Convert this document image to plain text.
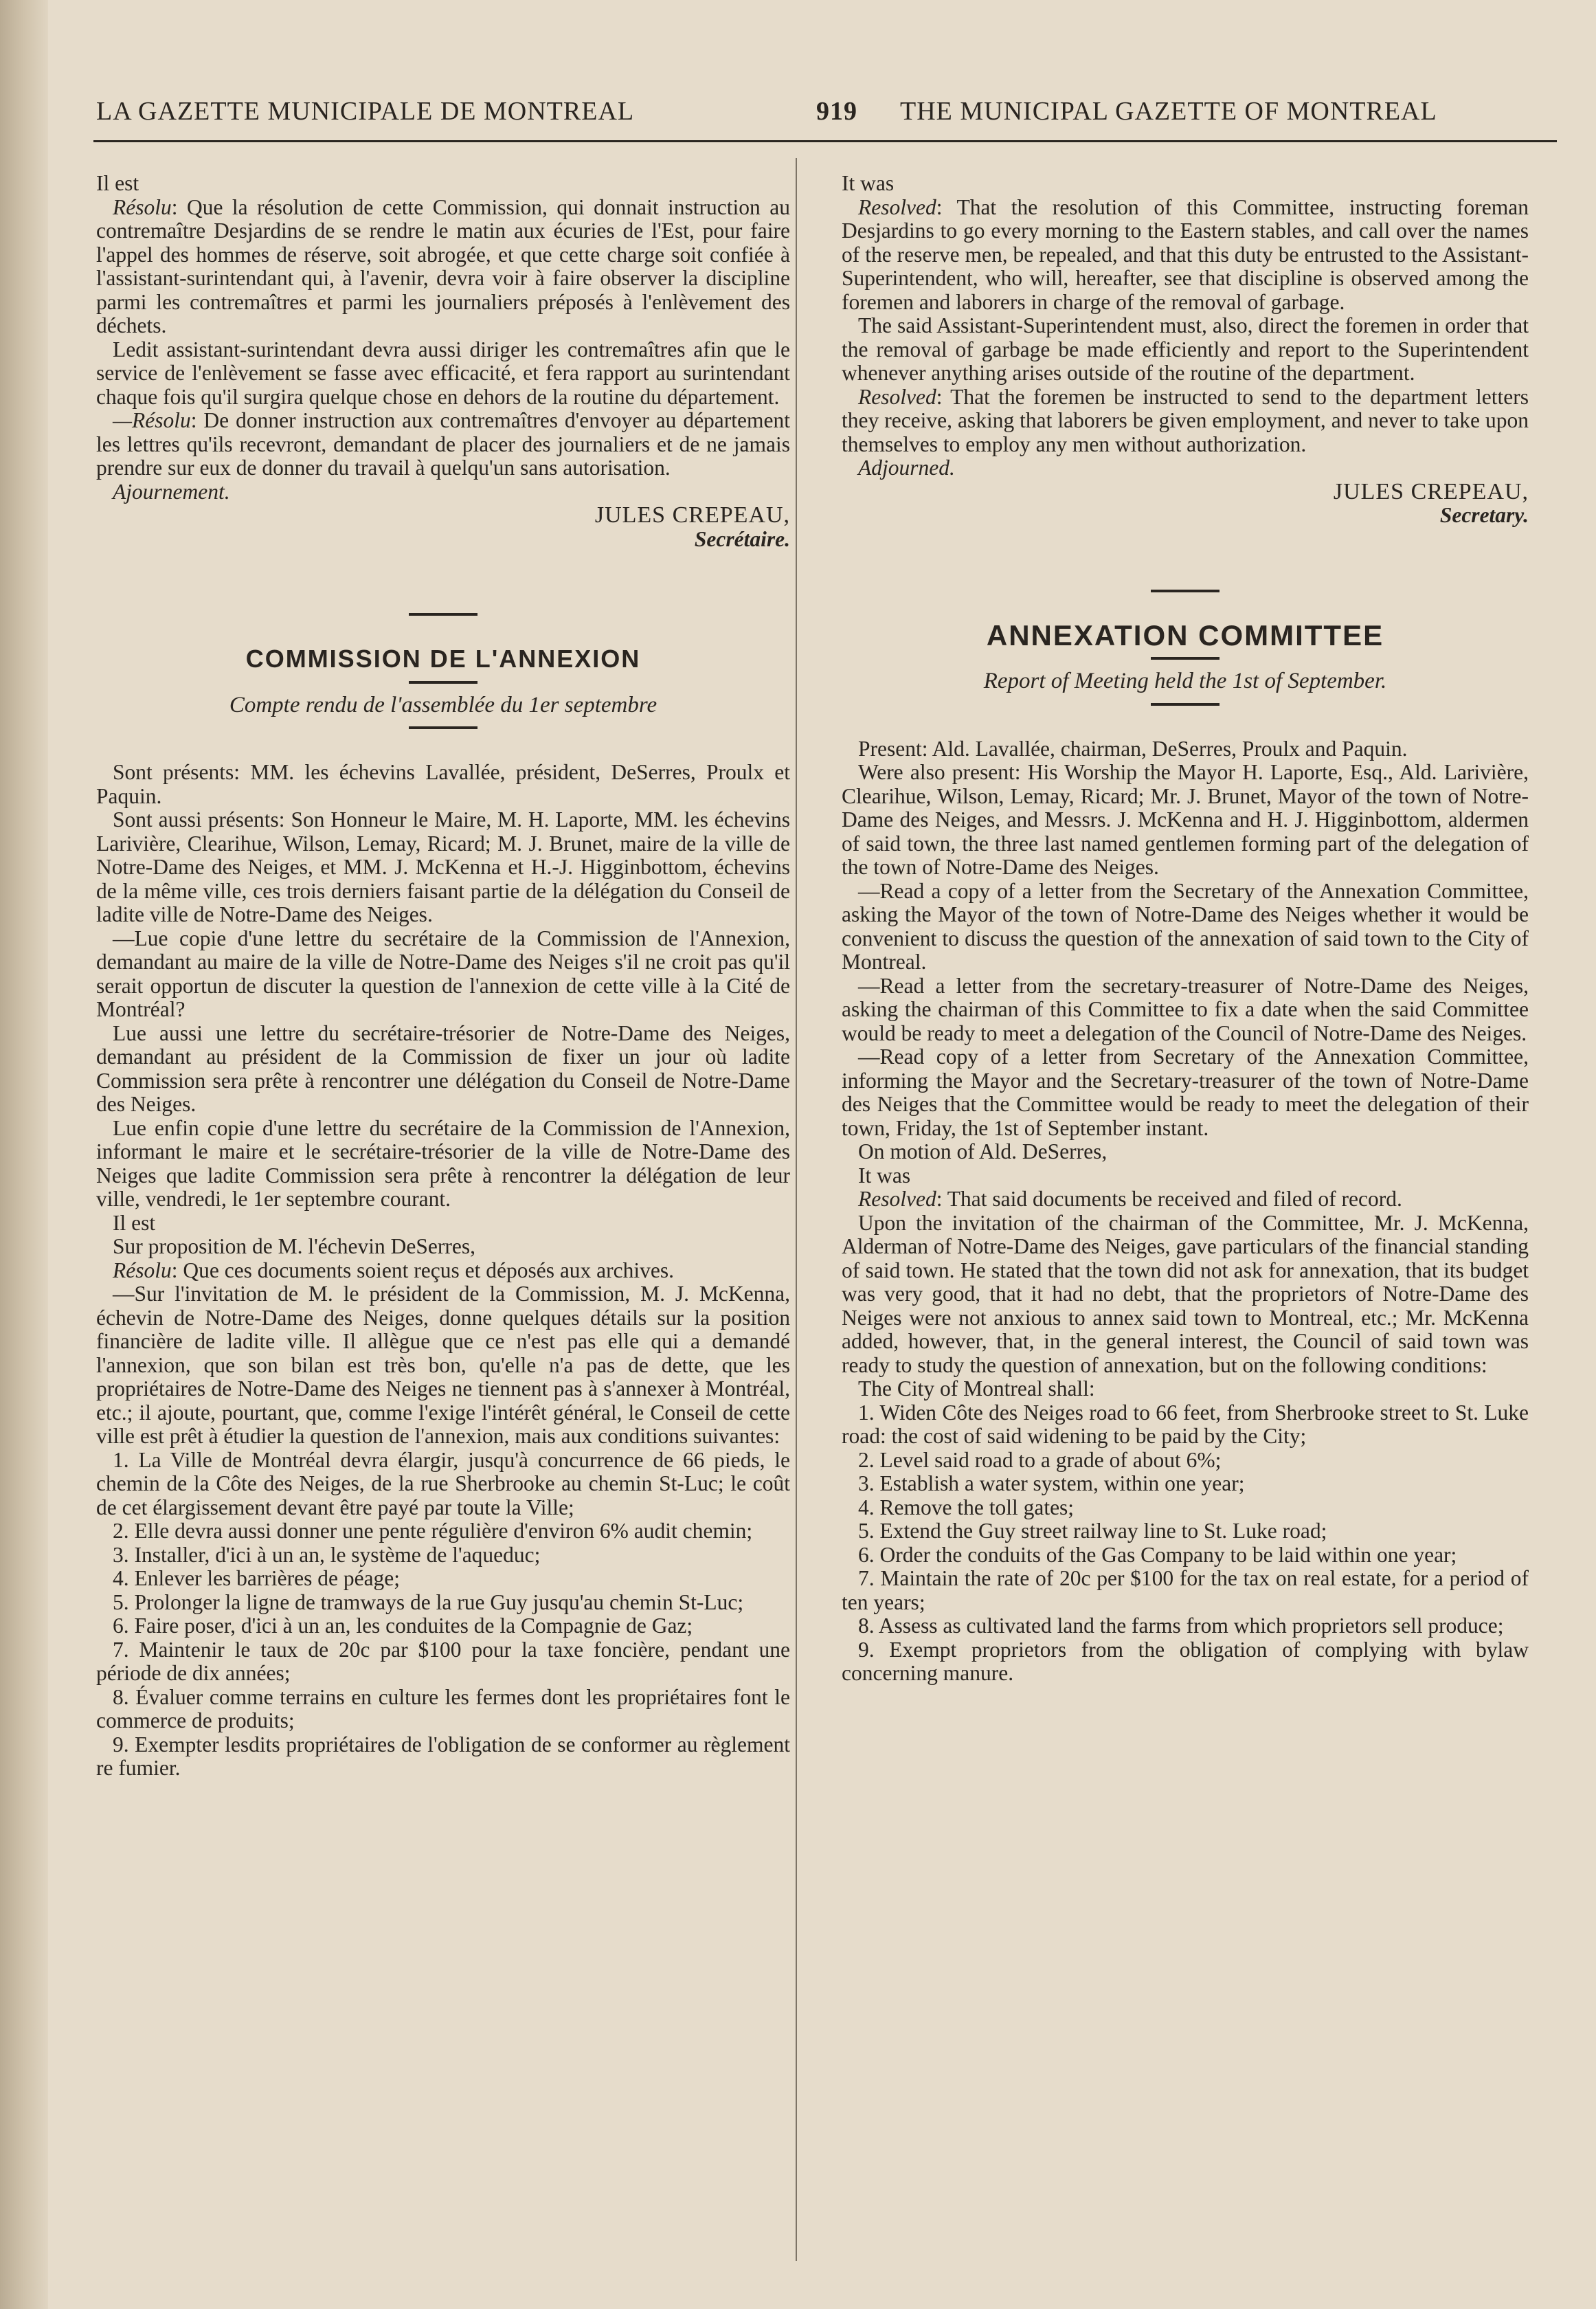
LA GAZETTE MUNICIPALE DE MONTREAL	919	THE MUNICIPAL GAZETTE OF MONTREAL

Il est

Résolu: Que la résolution de cette Commission, qui donnait instruction au contremaître Desjardins de se rendre le matin aux écuries de l'Est, pour faire l'appel des hommes de réserve, soit abrogée, et que cette charge soit confiée à l'assistant-surintendant qui, à l'avenir, devra voir à faire observer la discipline parmi les contremaîtres et parmi les journaliers préposés à l'enlèvement des déchets.

Ledit assistant-surintendant devra aussi diriger les contremaîtres afin que le service de l'enlèvement se fasse avec efficacité, et fera rapport au surintendant chaque fois qu'il surgira quelque chose en dehors de la routine du département.

—Résolu: De donner instruction aux contremaîtres d'envoyer au département les lettres qu'ils recevront, demandant de placer des journaliers et de ne jamais prendre sur eux de donner du travail à quelqu'un sans autorisation.

Ajournement.

JULES CREPEAU,

Secrétaire.

COMMISSION DE L'ANNEXION

Compte rendu de l'assemblée du 1er septembre

Sont présents: MM. les échevins Lavallée, président, DeSerres, Proulx et Paquin.

Sont aussi présents: Son Honneur le Maire, M. H. Laporte, MM. les échevins Larivière, Clearihue, Wilson, Lemay, Ricard; M. J. Brunet, maire de la ville de Notre-Dame des Neiges, et MM. J. McKenna et H.-J. Higginbottom, échevins de la même ville, ces trois derniers faisant partie de la délégation du Conseil de ladite ville de Notre-Dame des Neiges.

—Lue copie d'une lettre du secrétaire de la Commission de l'Annexion, demandant au maire de la ville de Notre-Dame des Neiges s'il ne croit pas qu'il serait opportun de discuter la question de l'annexion de cette ville à la Cité de Montréal?

Lue aussi une lettre du secrétaire-trésorier de Notre-Dame des Neiges, demandant au président de la Commission de fixer un jour où ladite Commission sera prête à rencontrer une délégation du Conseil de Notre-Dame des Neiges.

Lue enfin copie d'une lettre du secrétaire de la Commission de l'Annexion, informant le maire et le secrétaire-trésorier de la ville de Notre-Dame des Neiges que ladite Commission sera prête à rencontrer la délégation de leur ville, vendredi, le 1er septembre courant.

Il est

Sur proposition de M. l'échevin DeSerres,

Résolu: Que ces documents soient reçus et déposés aux archives.

—Sur l'invitation de M. le président de la Commission, M. J. McKenna, échevin de Notre-Dame des Neiges, donne quelques détails sur la position financière de ladite ville. Il allègue que ce n'est pas elle qui a demandé l'annexion, que son bilan est très bon, qu'elle n'a pas de dette, que les propriétaires de Notre-Dame des Neiges ne tiennent pas à s'annexer à Montréal, etc.; il ajoute, pourtant, que, comme l'exige l'intérêt général, le Conseil de cette ville est prêt à étudier la question de l'annexion, mais aux conditions suivantes:

1. La Ville de Montréal devra élargir, jusqu'à concurrence de 66 pieds, le chemin de la Côte des Neiges, de la rue Sherbrooke au chemin St-Luc; le coût de cet élargissement devant être payé par toute la Ville;

2. Elle devra aussi donner une pente régulière d'environ 6% audit chemin;

3. Installer, d'ici à un an, le système de l'aqueduc;

4. Enlever les barrières de péage;

5. Prolonger la ligne de tramways de la rue Guy jusqu'au chemin St-Luc;

6. Faire poser, d'ici à un an, les conduites de la Compagnie de Gaz;

7. Maintenir le taux de 20c par $100 pour la taxe foncière, pendant une période de dix années;

8. Évaluer comme terrains en culture les fermes dont les propriétaires font le commerce de produits;

9. Exempter lesdits propriétaires de l'obligation de se conformer au règlement re fumier.

It was

Resolved: That the resolution of this Committee, instructing foreman Desjardins to go every morning to the Eastern stables, and call over the names of the reserve men, be repealed, and that this duty be entrusted to the Assistant-Superintendent, who will, hereafter, see that discipline is observed among the foremen and laborers in charge of the removal of garbage.

The said Assistant-Superintendent must, also, direct the foremen in order that the removal of garbage be made efficiently and report to the Superintendent whenever anything arises outside of the routine of the department.

Resolved: That the foremen be instructed to send to the department letters they receive, asking that laborers be given employment, and never to take upon themselves to employ any men without authorization.

Adjourned.

JULES CREPEAU,

Secretary.

ANNEXATION COMMITTEE

Report of Meeting held the 1st of September.

Present: Ald. Lavallée, chairman, DeSerres, Proulx and Paquin.

Were also present: His Worship the Mayor H. Laporte, Esq., Ald. Larivière, Clearihue, Wilson, Lemay, Ricard; Mr. J. Brunet, Mayor of the town of Notre-Dame des Neiges, and Messrs. J. McKenna and H. J. Higginbottom, aldermen of said town, the three last named gentlemen forming part of the delegation of the town of Notre-Dame des Neiges.

—Read a copy of a letter from the Secretary of the Annexation Committee, asking the Mayor of the town of Notre-Dame des Neiges whether it would be convenient to discuss the question of the annexation of said town to the City of Montreal.

—Read a letter from the secretary-treasurer of Notre-Dame des Neiges, asking the chairman of this Committee to fix a date when the said Committee would be ready to meet a delegation of the Council of Notre-Dame des Neiges.

—Read copy of a letter from Secretary of the Annexation Committee, informing the Mayor and the Secretary-treasurer of the town of Notre-Dame des Neiges that the Committee would be ready to meet the delegation of their town, Friday, the 1st of September instant.

On motion of Ald. DeSerres,

It was

Resolved: That said documents be received and filed of record.

Upon the invitation of the chairman of the Committee, Mr. J. McKenna, Alderman of Notre-Dame des Neiges, gave particulars of the financial standing of said town. He stated that the town did not ask for annexation, that its budget was very good, that it had no debt, that the proprietors of Notre-Dame des Neiges were not anxious to annex said town to Montreal, etc.; Mr. McKenna added, however, that, in the general interest, the Council of said town was ready to study the question of annexation, but on the following conditions:

The City of Montreal shall:

1. Widen Côte des Neiges road to 66 feet, from Sherbrooke street to St. Luke road: the cost of said widening to be paid by the City;

2. Level said road to a grade of about 6%;

3. Establish a water system, within one year;

4. Remove the toll gates;

5. Extend the Guy street railway line to St. Luke road;

6. Order the conduits of the Gas Company to be laid within one year;

7. Maintain the rate of 20c per $100 for the tax on real estate, for a period of ten years;

8. Assess as cultivated land the farms from which proprietors sell produce;

9. Exempt proprietors from the obligation of complying with bylaw concerning manure.
